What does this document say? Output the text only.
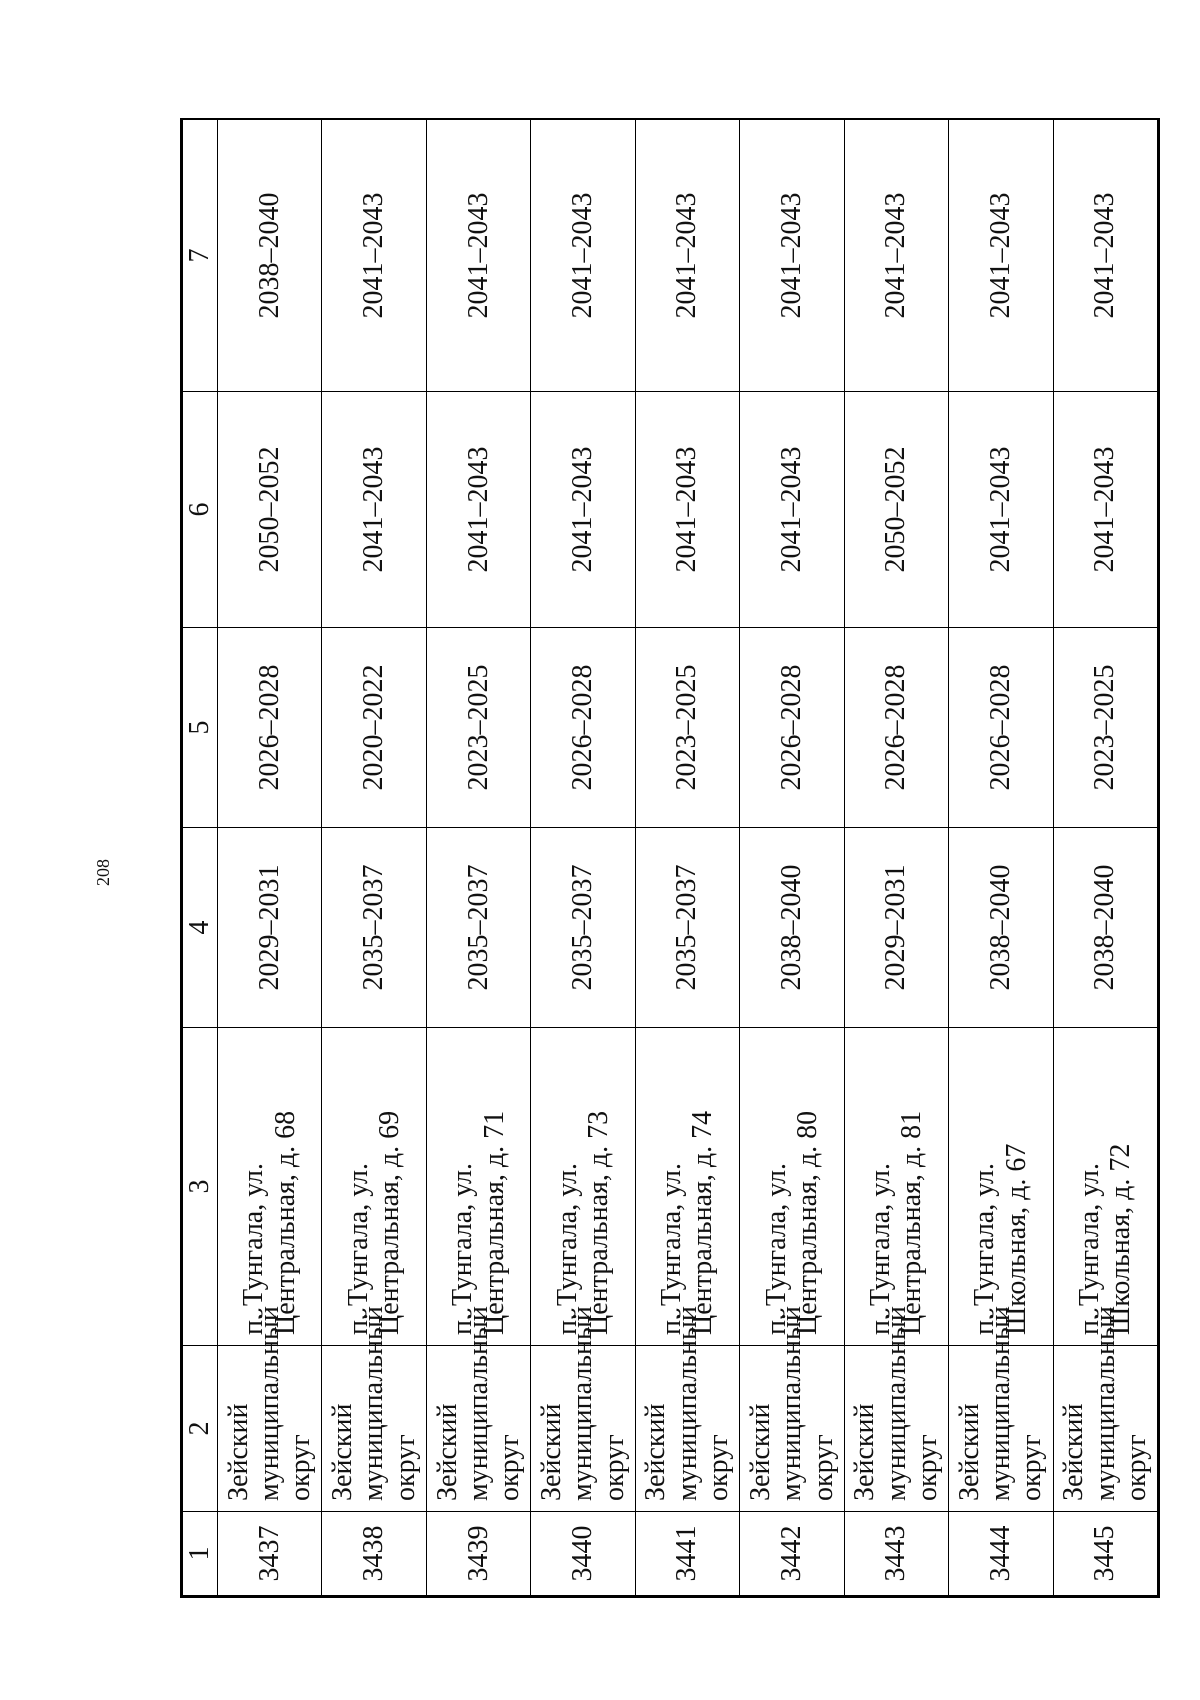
208
1	2	3	4	5	6	7
3437	Зейский муниципальный округ	п. Тунгала, ул. Центральная, д. 68	2029–2031	2026–2028	2050–2052	2038–2040
3438	Зейский муниципальный округ	п. Тунгала, ул. Центральная, д. 69	2035–2037	2020–2022	2041–2043	2041–2043
3439	Зейский муниципальный округ	п. Тунгала, ул. Центральная, д. 71	2035–2037	2023–2025	2041–2043	2041–2043
3440	Зейский муниципальный округ	п. Тунгала, ул. Центральная, д. 73	2035–2037	2026–2028	2041–2043	2041–2043
3441	Зейский муниципальный округ	п. Тунгала, ул. Центральная, д. 74	2035–2037	2023–2025	2041–2043	2041–2043
3442	Зейский муниципальный округ	п. Тунгала, ул. Центральная, д. 80	2038–2040	2026–2028	2041–2043	2041–2043
3443	Зейский муниципальный округ	п. Тунгала, ул. Центральная, д. 81	2029–2031	2026–2028	2050–2052	2041–2043
3444	Зейский муниципальный округ	п. Тунгала, ул. Школьная, д. 67	2038–2040	2026–2028	2041–2043	2041–2043
3445	Зейский муниципальный округ	п. Тунгала, ул. Школьная, д. 72	2038–2040	2023–2025	2041–2043	2041–2043
